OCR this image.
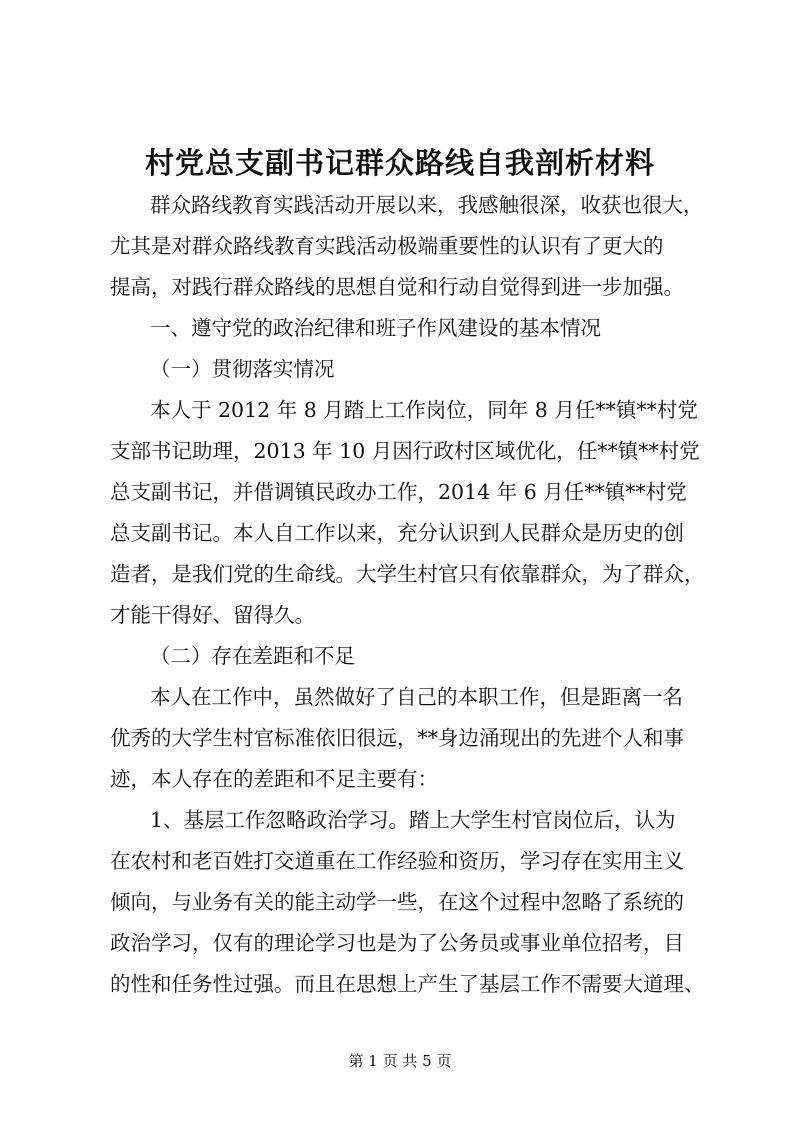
村党总支副书记群众路线自我剖析材料
群众路线教育实践活动开展以来，我感触很深，收获也很大，
尤其是对群众路线教育实践活动极端重要性的认识有了更大的
提高，对践行群众路线的思想自觉和行动自觉得到进一步加强。
一、遵守党的政治纪律和班子作风建设的基本情况
（一）贯彻落实情况
本人于 2012 年 8 月踏上工作岗位，同年 8 月任**镇**村党
支部书记助理，2013 年 10 月因行政村区域优化，任**镇**村党
总支副书记，并借调镇民政办工作，2014 年 6 月任**镇**村党
总支副书记。本人自工作以来，充分认识到人民群众是历史的创
造者，是我们党的生命线。大学生村官只有依靠群众，为了群众，
才能干得好、留得久。
（二）存在差距和不足
本人在工作中，虽然做好了自己的本职工作，但是距离一名
优秀的大学生村官标准依旧很远，**身边涌现出的先进个人和事
迹，本人存在的差距和不足主要有：
1、基层工作忽略政治学习。踏上大学生村官岗位后，认为
在农村和老百姓打交道重在工作经验和资历，学习存在实用主义
倾向，与业务有关的能主动学一些，在这个过程中忽略了系统的
政治学习，仅有的理论学习也是为了公务员或事业单位招考，目
的性和任务性过强。而且在思想上产生了基层工作不需要大道理、
第 1 页 共 5 页
